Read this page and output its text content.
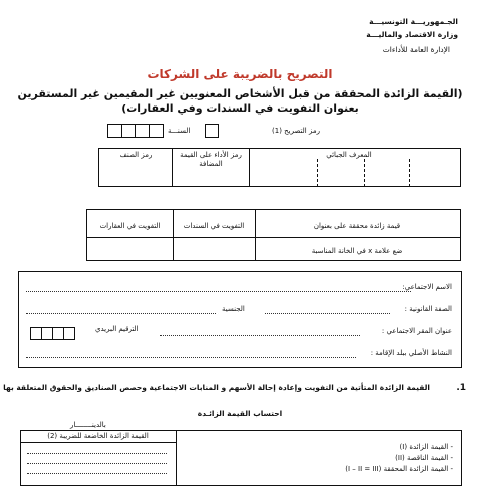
الجـمهوريـــة التونسيـــة
وزارة الاقتصاد والماليـــة
الإدارة العامة للأداءات
التصريح بالضريبة على الشركات
(القيمة الزائدة المحققة من قبل الأشخاص المعنويين غير المقيمين غير المستقرين
بعنوان التفويت في السندات وفي العقارات)
رمز التصريح (1)
السنـــة
المعرف الجبائي
رمز الأداء على القيمة المضافة
رمز الصنف
قيمة زائدة محققة على بعنوان
ضع علامة x في الخانة المناسبة
التفويت في السندات
التفويت في العقارات
الاسم الاجتماعي:
الصفة القانونية :
الجنسية
عنوان المقر الاجتماعي :
الترقيم البريدي
النشاط الأصلي ببلد الإقامة :
1.
القيمة الزائدة المتأتية من التفويت وإعادة إحالة الأسهم و المنابات الاجتماعية وحصص الصناديق والحقوق المتعلقة بها
احتساب القيمة الزائـدة
بالدينــــــــار
القيمة الزائدة الخاضعة للضريبة (2)
- القيمة الزائدة (I)
- القيمة الناقصة (II)
- القيمة الزائدة المحققة (I – II = III)
